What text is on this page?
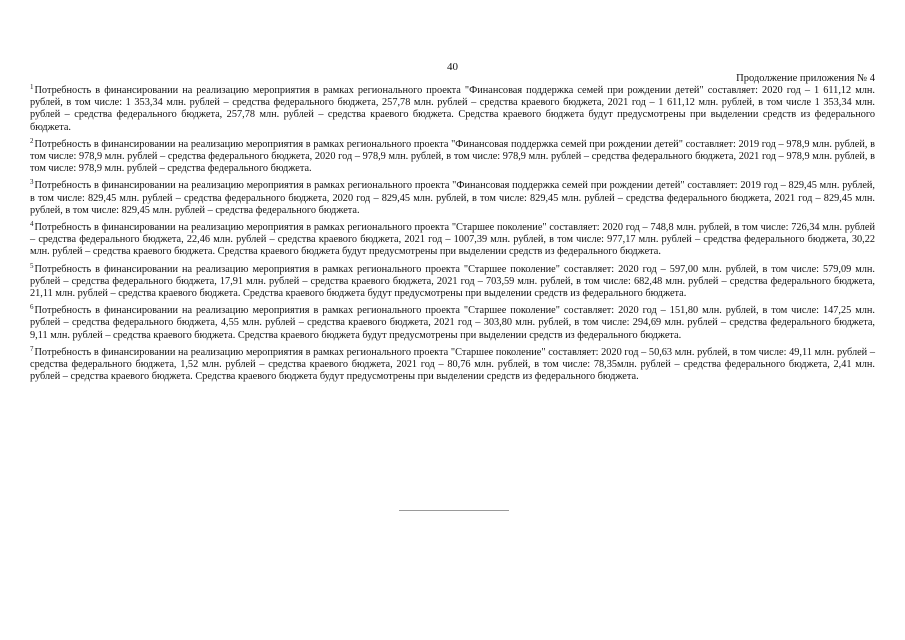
40
Продолжение приложения № 4

$^1$Потребность в финансировании на реализацию мероприятия в рамках регионального проекта "Финансовая поддержка семей при рождении детей" составляет: 2020 год – 1 611,12 млн. рублей, в том числе: 1 353,34 млн. рублей – средства федерального бюджета, 257,78 млн. рублей – средства краевого бюджета, 2021 год – 1 611,12 млн. рублей, в том числе 1 353,34 млн. рублей – средства федерального бюджета, 257,78 млн. рублей – средства краевого бюджета. Средства краевого бюджета будут предусмотрены при выделении средств из федерального бюджета.

$^2$Потребность в финансировании на реализацию мероприятия в рамках регионального проекта "Финансовая поддержка семей при рождении детей" составляет: 2019 год – 978,9 млн. рублей, в том числе: 978,9 млн. рублей – средства федерального бюджета, 2020 год – 978,9 млн. рублей, в том числе: 978,9 млн. рублей – средства федерального бюджета, 2021 год – 978,9 млн. рублей, в том числе: 978,9 млн. рублей – средства федерального бюджета.

$^3$Потребность в финансировании на реализацию мероприятия в рамках регионального проекта "Финансовая поддержка семей при рождении детей" составляет: 2019 год – 829,45 млн. рублей, в том числе: 829,45 млн. рублей – средства федерального бюджета, 2020 год – 829,45 млн. рублей, в том числе: 829,45 млн. рублей – средства федерального бюджета, 2021 год – 829,45 млн. рублей, в том числе: 829,45 млн. рублей – средства федерального бюджета.

$^4$Потребность в финансировании на реализацию мероприятия в рамках регионального проекта "Старшее поколение" составляет: 2020 год – 748,8 млн. рублей, в том числе: 726,34 млн. рублей – средства федерального бюджета, 22,46 млн. рублей – средства краевого бюджета, 2021 год – 1007,39 млн. рублей, в том числе: 977,17 млн. рублей – средства федерального бюджета, 30,22 млн. рублей – средства краевого бюджета. Средства краевого бюджета будут предусмотрены при выделении средств из федерального бюджета.

$^5$Потребность в финансировании на реализацию мероприятия в рамках регионального проекта "Старшее поколение" составляет: 2020 год – 597,00 млн. рублей, в том числе: 579,09 млн. рублей – средства федерального бюджета, 17,91 млн. рублей – средства краевого бюджета, 2021 год – 703,59 млн. рублей, в том числе: 682,48 млн. рублей – средства федерального бюджета, 21,11 млн. рублей – средства краевого бюджета. Средства краевого бюджета будут предусмотрены при выделении средств из федерального бюджета.

$^6$Потребность в финансировании на реализацию мероприятия в рамках регионального проекта "Старшее поколение" составляет: 2020 год – 151,80 млн. рублей, в том числе: 147,25 млн. рублей – средства федерального бюджета, 4,55 млн. рублей – средства краевого бюджета, 2021 год – 303,80 млн. рублей, в том числе: 294,69 млн. рублей – средства федерального бюджета, 9,11 млн. рублей – средства краевого бюджета. Средства краевого бюджета будут предусмотрены при выделении средств из федерального бюджета.

$^7$Потребность в финансировании на реализацию мероприятия в рамках регионального проекта "Старшее поколение" составляет: 2020 год – 50,63 млн. рублей, в том числе: 49,11 млн. рублей – средства федерального бюджета, 1,52 млн. рублей – средства краевого бюджета, 2021 год – 80,76 млн. рублей, в том числе: 78,35млн. рублей – средства федерального бюджета, 2,41 млн. рублей – средства краевого бюджета. Средства краевого бюджета будут предусмотрены при выделении средств из федерального бюджета.
